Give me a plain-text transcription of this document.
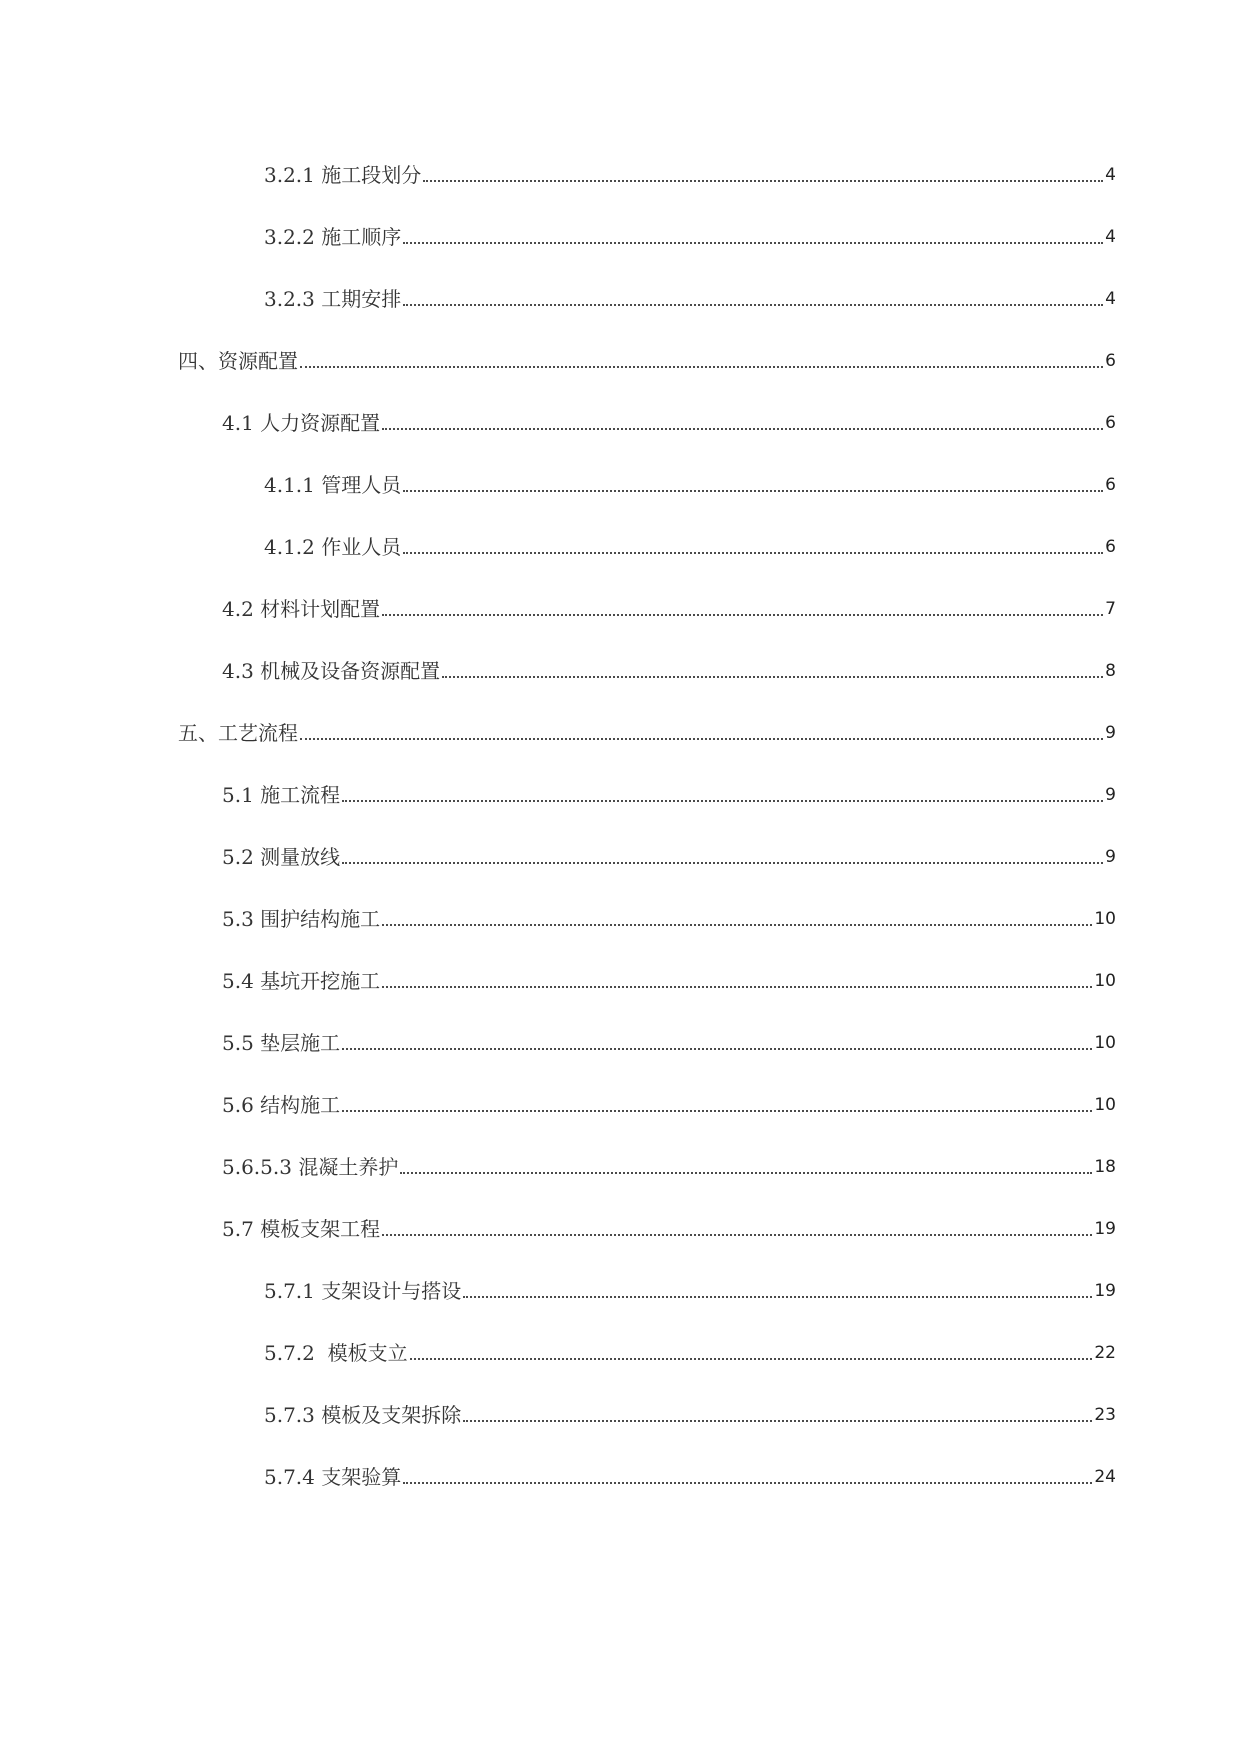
3.2.1 施工段划分	4
3.2.2 施工顺序	4
3.2.3 工期安排	4
四、资源配置	6
4.1 人力资源配置	6
4.1.1 管理人员	6
4.1.2 作业人员	6
4.2 材料计划配置	7
4.3 机械及设备资源配置	8
五、工艺流程	9
5.1 施工流程	9
5.2 测量放线	9
5.3 围护结构施工	10
5.4 基坑开挖施工	10
5.5 垫层施工	10
5.6 结构施工	10
5.6.5.3 混凝土养护	18
5.7 模板支架工程	19
5.7.1 支架设计与搭设	19
5.7.2  模板支立	22
5.7.3 模板及支架拆除	23
5.7.4 支架验算	24
